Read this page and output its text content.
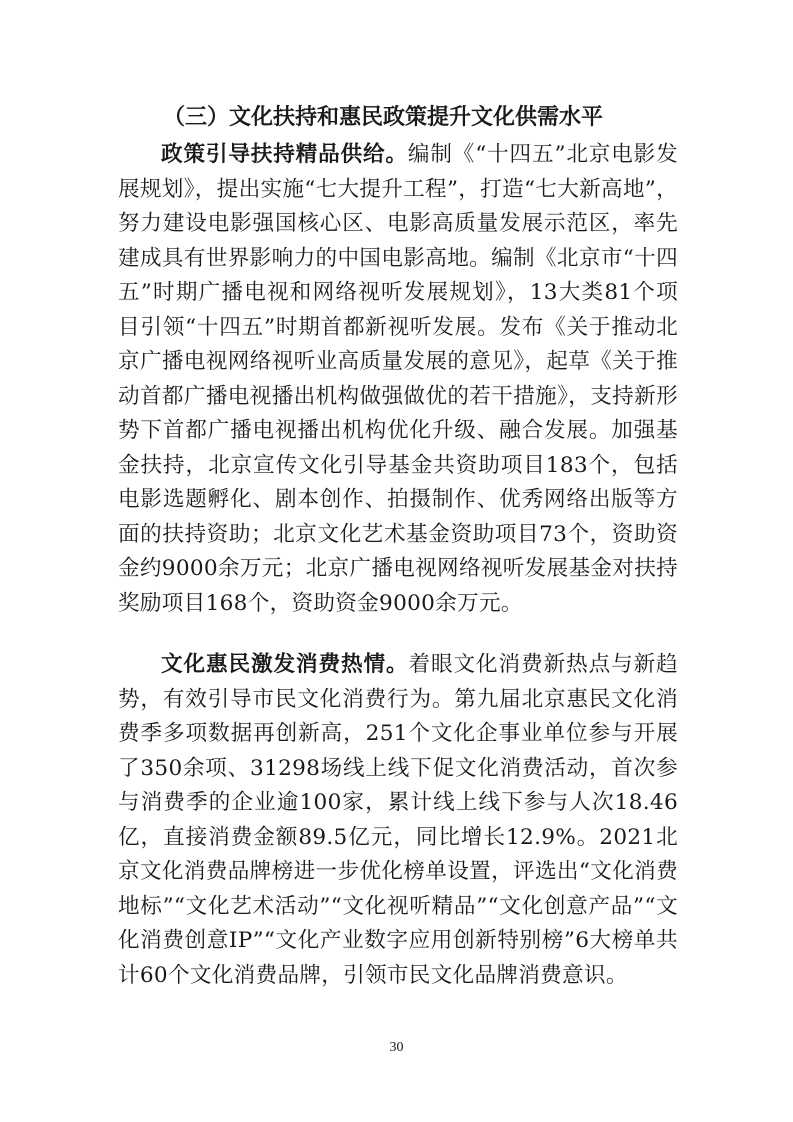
（三）文化扶持和惠民政策提升文化供需水平

政策引导扶持精品供给。编制《“十四五”北京电影发展规划》，提出实施“七大提升工程”，打造“七大新高地”，努力建设电影强国核心区、电影高质量发展示范区，率先建成具有世界影响力的中国电影高地。编制《北京市“十四五”时期广播电视和网络视听发展规划》，13大类81个项目引领“十四五”时期首都新视听发展。发布《关于推动北京广播电视网络视听业高质量发展的意见》，起草《关于推动首都广播电视播出机构做强做优的若干措施》，支持新形势下首都广播电视播出机构优化升级、融合发展。加强基金扶持，北京宣传文化引导基金共资助项目183个，包括电影选题孵化、剧本创作、拍摄制作、优秀网络出版等方面的扶持资助；北京文化艺术基金资助项目73个，资助资金约9000余万元；北京广播电视网络视听发展基金对扶持奖励项目168个，资助资金9000余万元。

文化惠民激发消费热情。着眼文化消费新热点与新趋势，有效引导市民文化消费行为。第九届北京惠民文化消费季多项数据再创新高，251个文化企事业单位参与开展了350余项、31298场线上线下促文化消费活动，首次参与消费季的企业逾100家，累计线上线下参与人次18.46亿，直接消费金额89.5亿元，同比增长12.9%。2021北京文化消费品牌榜进一步优化榜单设置，评选出“文化消费地标”“文化艺术活动”“文化视听精品”“文化创意产品”“文化消费创意IP”“文化产业数字应用创新特别榜”6大榜单共计60个文化消费品牌，引领市民文化品牌消费意识。

30
